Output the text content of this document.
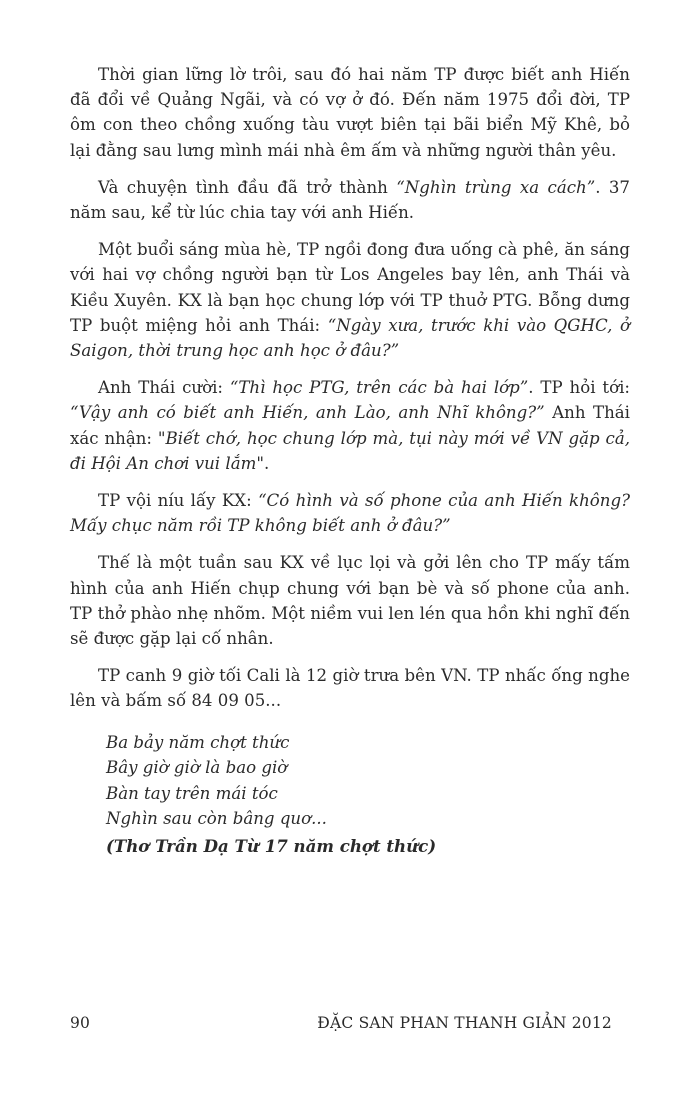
Thời gian lững lờ trôi, sau đó hai năm TP được biết anh Hiến đã đổi về Quảng Ngãi, và có vợ ở đó. Đến năm 1975 đổi đời, TP ôm con theo chồng xuống tàu vượt biên tại bãi biển Mỹ Khê, bỏ lại đằng sau lưng mình mái nhà êm ấm và những người thân yêu.

Và chuyện tình đầu đã trở thành “Nghìn trùng xa cách”. 37 năm sau, kể từ lúc chia tay với anh Hiến.

Một buổi sáng mùa hè, TP ngồi đong đưa uống cà phê, ăn sáng với hai vợ chồng người bạn từ Los Angeles bay lên, anh Thái và Kiều Xuyên. KX là bạn học chung lớp với TP thuở PTG. Bỗng dưng TP buột miệng hỏi anh Thái: “Ngày xưa, trước khi vào QGHC, ở Saigon, thời trung học anh học ở đâu?”

Anh Thái cười: “Thì học PTG, trên các bà hai lớp”. TP hỏi tới: “Vậy anh có biết anh Hiến, anh Lào, anh Nhĩ không?” Anh Thái xác nhận: "Biết chớ, học chung lớp mà, tụi này mới về VN gặp cả, đi Hội An chơi vui lắm".

TP vội níu lấy KX: “Có hình và số phone của anh Hiến không? Mấy chục năm rồi TP không biết anh ở đâu?”

Thế là một tuần sau KX về lục lọi và gởi lên cho TP mấy tấm hình của anh Hiến chụp chung với bạn bè và số phone của anh. TP thở phào nhẹ nhõm. Một niềm vui len lén qua hồn khi nghĩ đến sẽ được gặp lại cố nhân.

TP canh 9 giờ tối Cali là 12 giờ trưa bên VN. TP nhấc ống nghe lên và bấm số 84 09 05...

Ba bảy năm chợt thức
Bây giờ giờ là bao giờ
Bàn tay trên mái tóc
Nghìn sau còn bâng quơ...
(Thơ Trần Dạ Từ 17 năm chợt thức)
90	ĐẶC SAN PHAN THANH GIẢN 2012
